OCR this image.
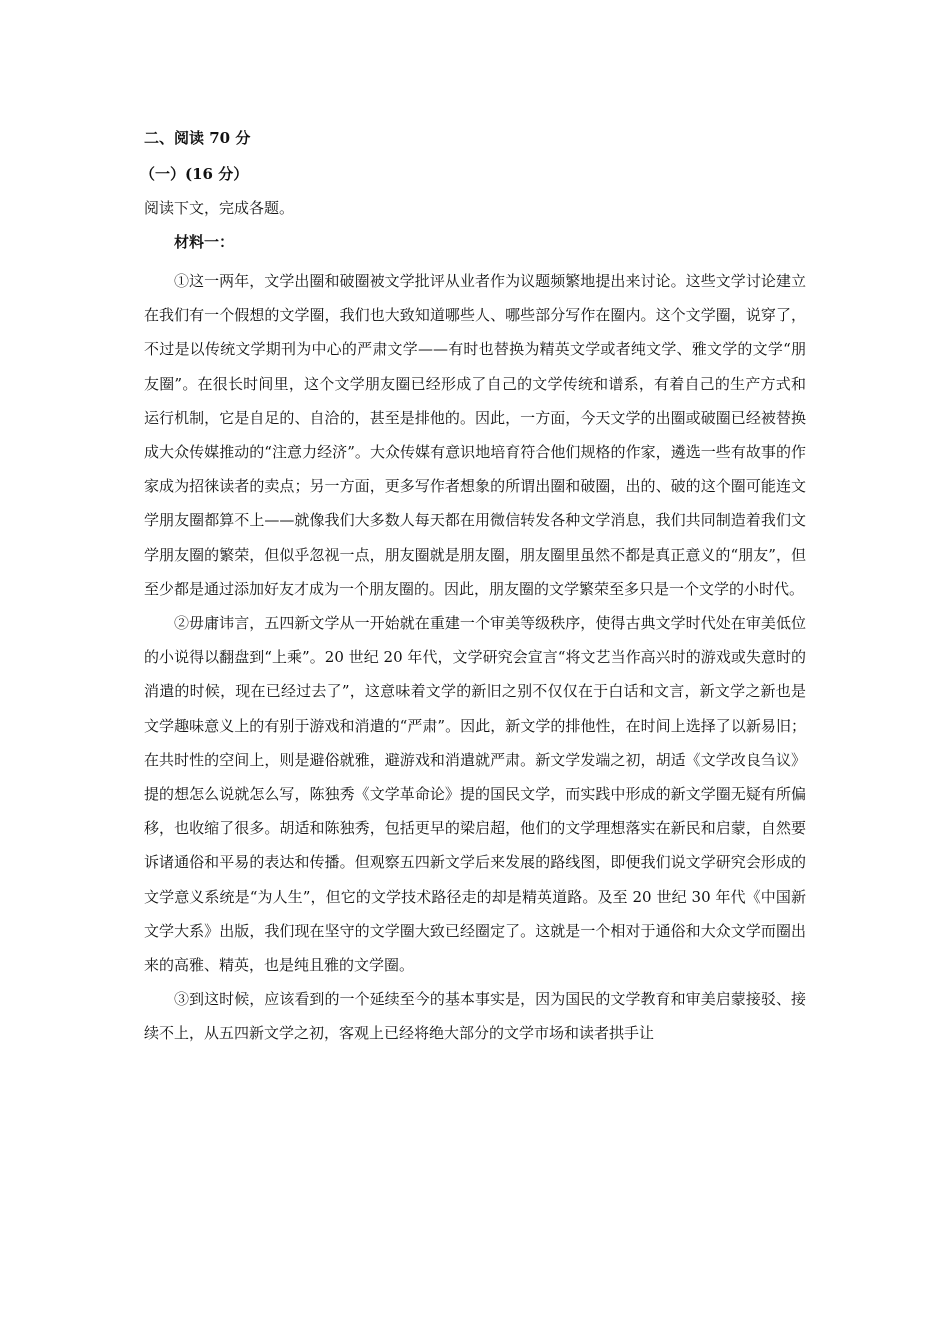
二、阅读 70 分
（一）(16 分）
阅读下文，完成各题。
材料一：

①这一两年，文学出圈和破圈被文学批评从业者作为议题频繁地提出来讨论。这些文学讨论建立在我们有一个假想的文学圈，我们也大致知道哪些人、哪些部分写作在圈内。这个文学圈，说穿了，不过是以传统文学期刊为中心的严肃文学——有时也替换为精英文学或者纯文学、雅文学的文学“朋友圈”。在很长时间里，这个文学朋友圈已经形成了自己的文学传统和谱系，有着自己的生产方式和运行机制，它是自足的、自洽的，甚至是排他的。因此，一方面，今天文学的出圈或破圈已经被替换成大众传媒推动的“注意力经济”。大众传媒有意识地培育符合他们规格的作家，遴选一些有故事的作家成为招徕读者的卖点；另一方面，更多写作者想象的所谓出圈和破圈，出的、破的这个圈可能连文学朋友圈都算不上——就像我们大多数人每天都在用微信转发各种文学消息，我们共同制造着我们文学朋友圈的繁荣，但似乎忽视一点，朋友圈就是朋友圈，朋友圈里虽然不都是真正意义的“朋友”，但至少都是通过添加好友才成为一个朋友圈的。因此，朋友圈的文学繁荣至多只是一个文学的小时代。

②毋庸讳言，五四新文学从一开始就在重建一个审美等级秩序，使得古典文学时代处在审美低位的小说得以翻盘到“上乘”。20 世纪 20 年代，文学研究会宣言“将文艺当作高兴时的游戏或失意时的消遣的时候，现在已经过去了”，这意味着文学的新旧之别不仅仅在于白话和文言，新文学之新也是文学趣味意义上的有别于游戏和消遣的“严肃”。因此，新文学的排他性，在时间上选择了以新易旧；在共时性的空间上，则是避俗就雅，避游戏和消遣就严肃。新文学发端之初，胡适《文学改良刍议》提的想怎么说就怎么写，陈独秀《文学革命论》提的国民文学，而实践中形成的新文学圈无疑有所偏移，也收缩了很多。胡适和陈独秀，包括更早的梁启超，他们的文学理想落实在新民和启蒙，自然要诉诸通俗和平易的表达和传播。但观察五四新文学后来发展的路线图，即便我们说文学研究会形成的文学意义系统是“为人生”，但它的文学技术路径走的却是精英道路。及至 20 世纪 30 年代《中国新文学大系》出版，我们现在坚守的文学圈大致已经圈定了。这就是一个相对于通俗和大众文学而圈出来的高雅、精英，也是纯且雅的文学圈。

③到这时候，应该看到的一个延续至今的基本事实是，因为国民的文学教育和审美启蒙接驳、接续不上，从五四新文学之初，客观上已经将绝大部分的文学市场和读者拱手让
